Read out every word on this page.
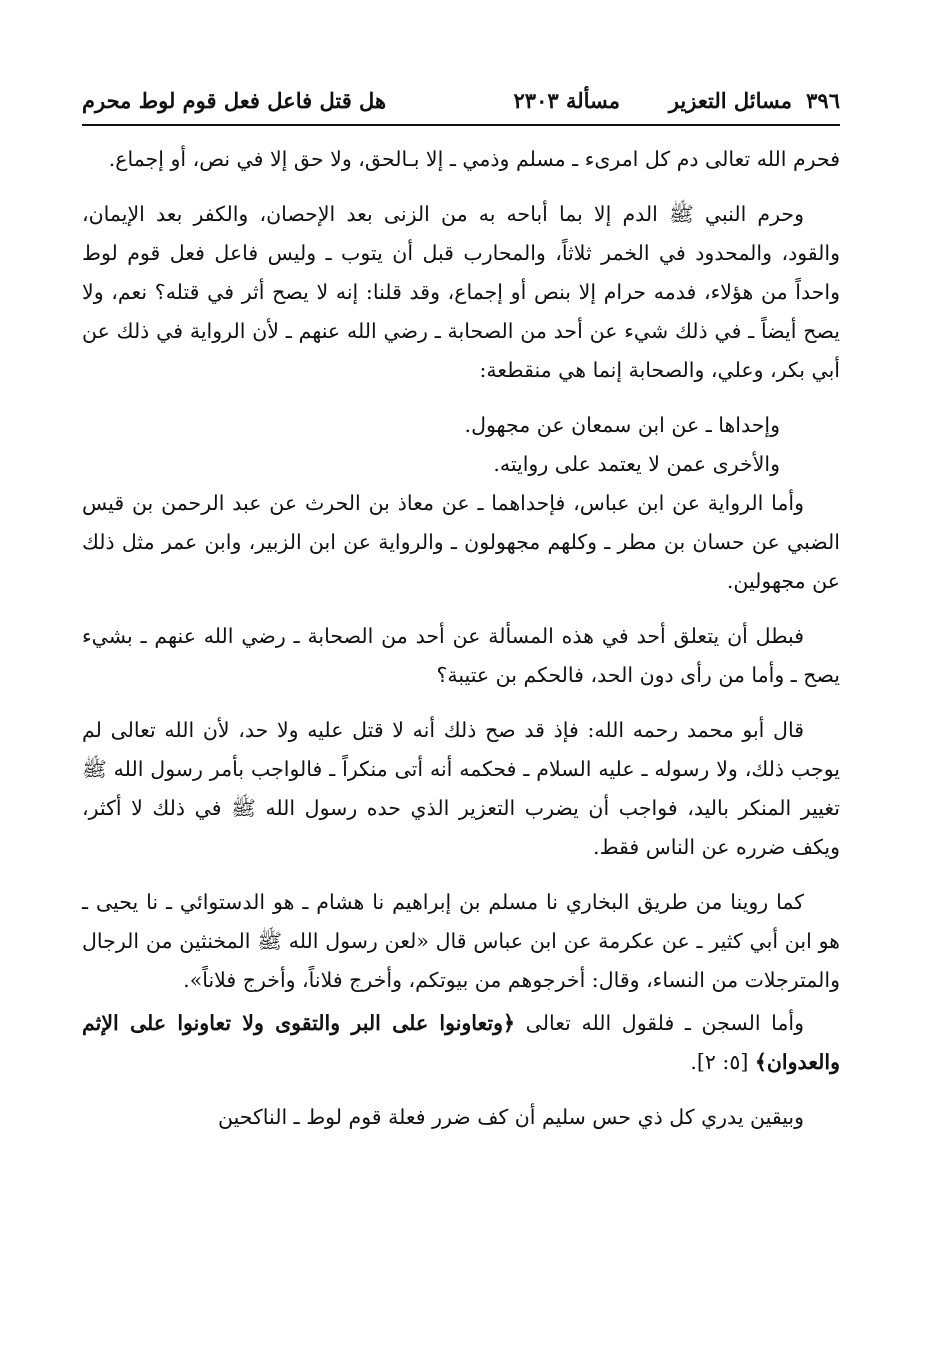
٣٩٦
مسائل التعزير
مسألة ٢٣٠٣
هل قتل فاعل فعل قوم لوط محرم

فحرم الله تعالى دم كل امرىء ـ مسلم وذمي ـ إلا بـالحق، ولا حق إلا في نص، أو إجماع.

وحرم النبي ﷺ الدم إلا بما أباحه به من الزنى بعد الإحصان، والكفر بعد الإيمان، والقود، والمحدود في الخمر ثلاثاً، والمحارب قبل أن يتوب ـ وليس فاعل فعل قوم لوط واحداً من هؤلاء، فدمه حرام إلا بنص أو إجماع، وقد قلنا: إنه لا يصح أثر في قتله؟ نعم، ولا يصح أيضاً ـ في ذلك شيء عن أحد من الصحابة ـ رضي الله عنهم ـ لأن الرواية في ذلك عن أبي بكر، وعلي، والصحابة إنما هي منقطعة:

وإحداها ـ عن ابن سمعان عن مجهول.

والأخرى عمن لا يعتمد على روايته.

وأما الرواية عن ابن عباس، فإحداهما ـ عن معاذ بن الحرث عن عبد الرحمن بن قيس الضبي عن حسان بن مطر ـ وكلهم مجهولون ـ والرواية عن ابن الزبير، وابن عمر مثل ذلك عن مجهولين.

فبطل أن يتعلق أحد في هذه المسألة عن أحد من الصحابة ـ رضي الله عنهم ـ بشيء يصح ـ وأما من رأى دون الحد، فالحكم بن عتيبة؟

قال أبو محمد رحمه الله: فإذ قد صح ذلك أنه لا قتل عليه ولا حد، لأن الله تعالى لم يوجب ذلك، ولا رسوله ـ عليه السلام ـ فحكمه أنه أتى منكراً ـ فالواجب بأمر رسول الله ﷺ تغيير المنكر باليد، فواجب أن يضرب التعزير الذي حده رسول الله ﷺ في ذلك لا أكثر، ويكف ضرره عن الناس فقط.

كما روينا من طريق البخاري نا مسلم بن إبراهيم نا هشام ـ هو الدستوائي ـ نا يحيى ـ هو ابن أبي كثير ـ عن عكرمة عن ابن عباس قال «لعن رسول الله ﷺ المخنثين من الرجال والمترجلات من النساء، وقال: أخرجوهم من بيوتكم، وأخرج فلاناً، وأخرج فلاناً».

وأما السجن ـ فلقول الله تعالى ﴿وتعاونوا على البر والتقوى ولا تعاونوا على الإثم والعدوان﴾ [٥: ٢].

وبيقين يدري كل ذي حس سليم أن كف ضرر فعلة قوم لوط ـ الناكحين
